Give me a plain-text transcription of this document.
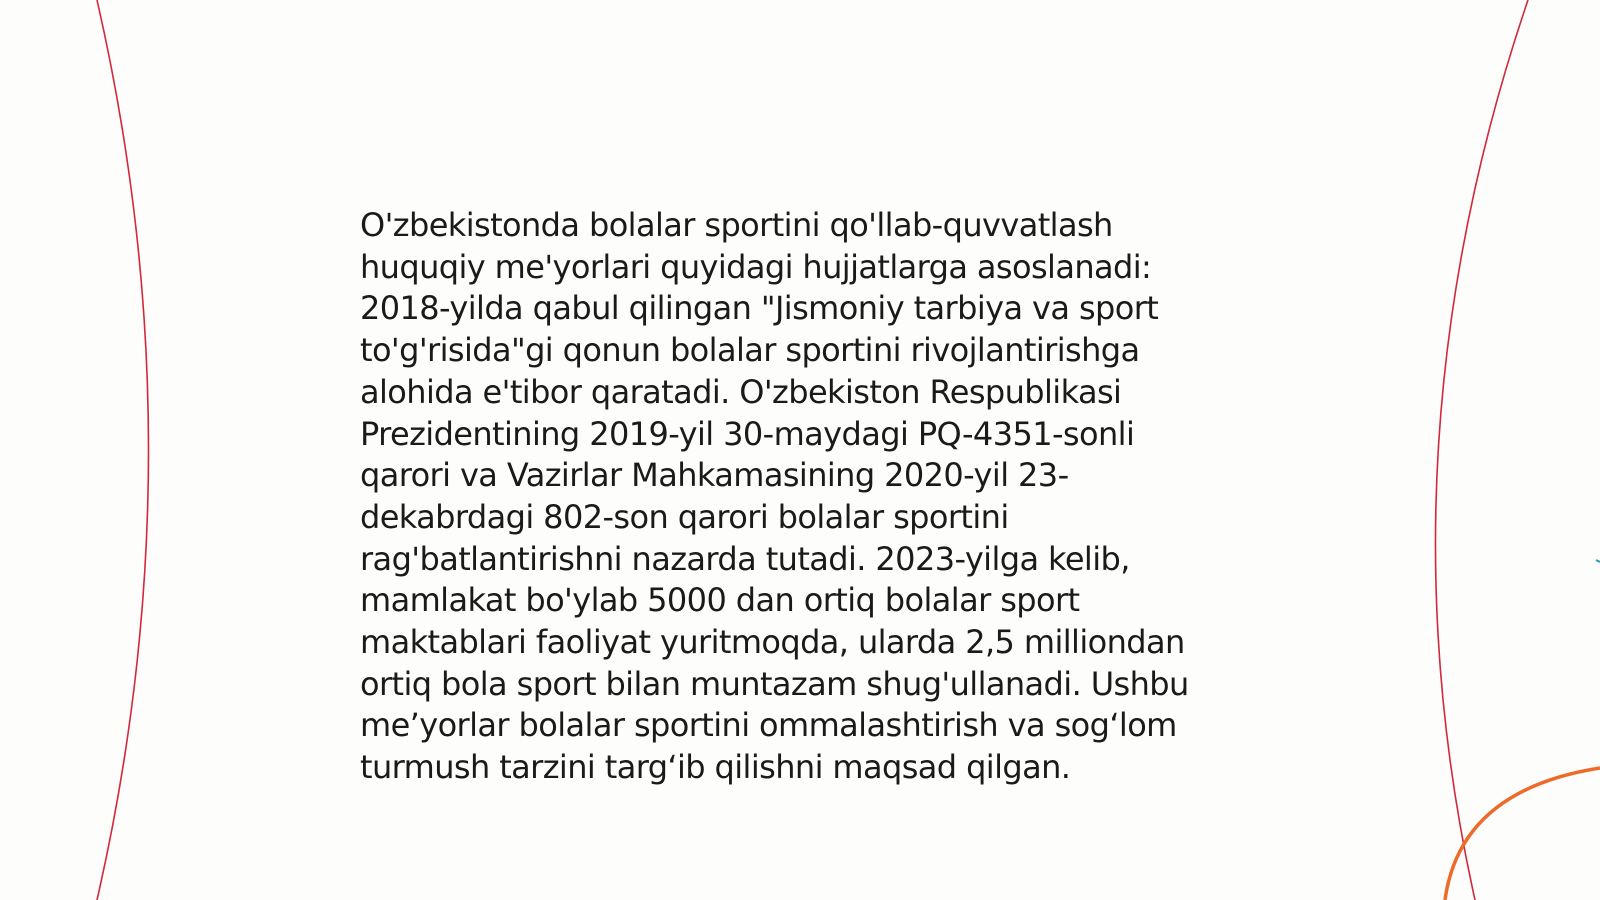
O'zbekistonda bolalar sportini qo'llab-quvvatlash
huquqiy me'yorlari quyidagi hujjatlarga asoslanadi:
2018-yilda qabul qilingan "Jismoniy tarbiya va sport
to'g'risida"gi qonun bolalar sportini rivojlantirishga
alohida e'tibor qaratadi. O'zbekiston Respublikasi
Prezidentining 2019-yil 30-maydagi PQ-4351-sonli
qarori va Vazirlar Mahkamasining 2020-yil 23-
dekabrdagi 802-son qarori bolalar sportini
rag'batlantirishni nazarda tutadi. 2023-yilga kelib,
mamlakat bo'ylab 5000 dan ortiq bolalar sport
maktablari faoliyat yuritmoqda, ularda 2,5 milliondan
ortiq bola sport bilan muntazam shug'ullanadi. Ushbu
me’yorlar bolalar sportini ommalashtirish va sog‘lom
turmush tarzini targ‘ib qilishni maqsad qilgan.
